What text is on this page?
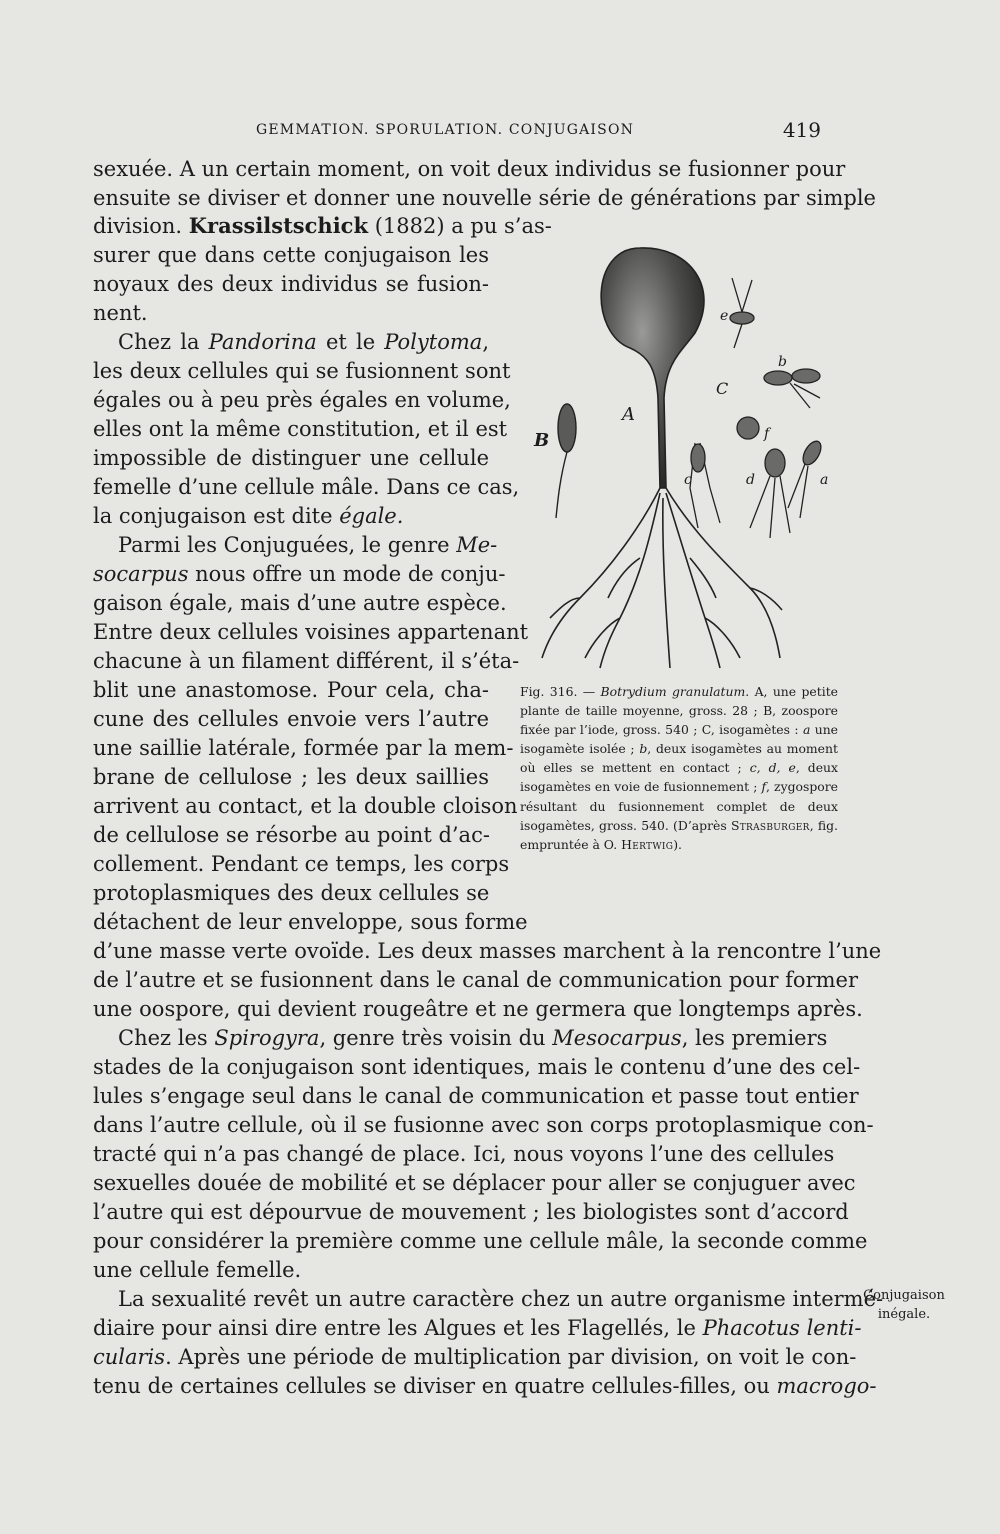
GEMMATION. SPORULATION. CONJUGAISON	419
sexuée. A un certain moment, on voit deux individus se fusionner pour
ensuite se diviser et donner une nouvelle série de générations par simple
division. Krassilstschick (1882) a pu s’as-
surer que dans cette conjugaison les
noyaux des deux individus se fusion-
nent.
Chez la Pandorina et le Polytoma,
les deux cellules qui se fusionnent sont
égales ou à peu près égales en volume,
elles ont la même constitution, et il est
impossible de distinguer une cellule
femelle d’une cellule mâle. Dans ce cas,
la conjugaison est dite égale.
Parmi les Conjuguées, le genre Me-
socarpus nous offre un mode de conju-
gaison égale, mais d’une autre espèce.
Entre deux cellules voisines appartenant
chacune à un filament différent, il s’éta-
blit une anastomose. Pour cela, cha-
cune des cellules envoie vers l’autre
une saillie latérale, formée par la mem-
brane de cellulose ; les deux saillies
arrivent au contact, et la double cloison
de cellulose se résorbe au point d’ac-
collement. Pendant ce temps, les corps
protoplasmiques des deux cellules se
détachent de leur enveloppe, sous forme
d’une masse verte ovoïde. Les deux masses marchent à la rencontre l’une
de l’autre et se fusionnent dans le canal de communication pour former
une oospore, qui devient rougeâtre et ne germera que longtemps après.
Chez les Spirogyra, genre très voisin du Mesocarpus, les premiers
stades de la conjugaison sont identiques, mais le contenu d’une des cel-
lules s’engage seul dans le canal de communication et passe tout entier
dans l’autre cellule, où il se fusionne avec son corps protoplasmique con-
tracté qui n’a pas changé de place. Ici, nous voyons l’une des cellules
sexuelles douée de mobilité et se déplacer pour aller se conjuguer avec
l’autre qui est dépourvue de mouvement ; les biologistes sont d’accord
pour considérer la première comme une cellule mâle, la seconde comme
une cellule femelle.
La sexualité revêt un autre caractère chez un autre organisme intermé-
diaire pour ainsi dire entre les Algues et les Flagellés, le Phacotus lenti-
cularis. Après une période de multiplication par division, on voit le con-
tenu de certaines cellules se diviser en quatre cellules-filles, ou macrogo-
A
B
C
a
b
c	d
e
f

Fig. 316. — Botrydium granulatum. A, une petite plante de taille moyenne, gross. 28 ; B, zoospore fixée par l’iode, gross. 540 ; C, isogamètes : a une isogamète isolée ; b, deux isogamètes au moment où elles se mettent en contact ; c, d, e, deux isogamètes en voie de fusionnement ; f, zygospore résultant du fusionnement complet de deux isogamètes, gross. 540. (D’après Strasburger, fig. empruntée à O. Hertwig).

Conjugaison
inégale.
